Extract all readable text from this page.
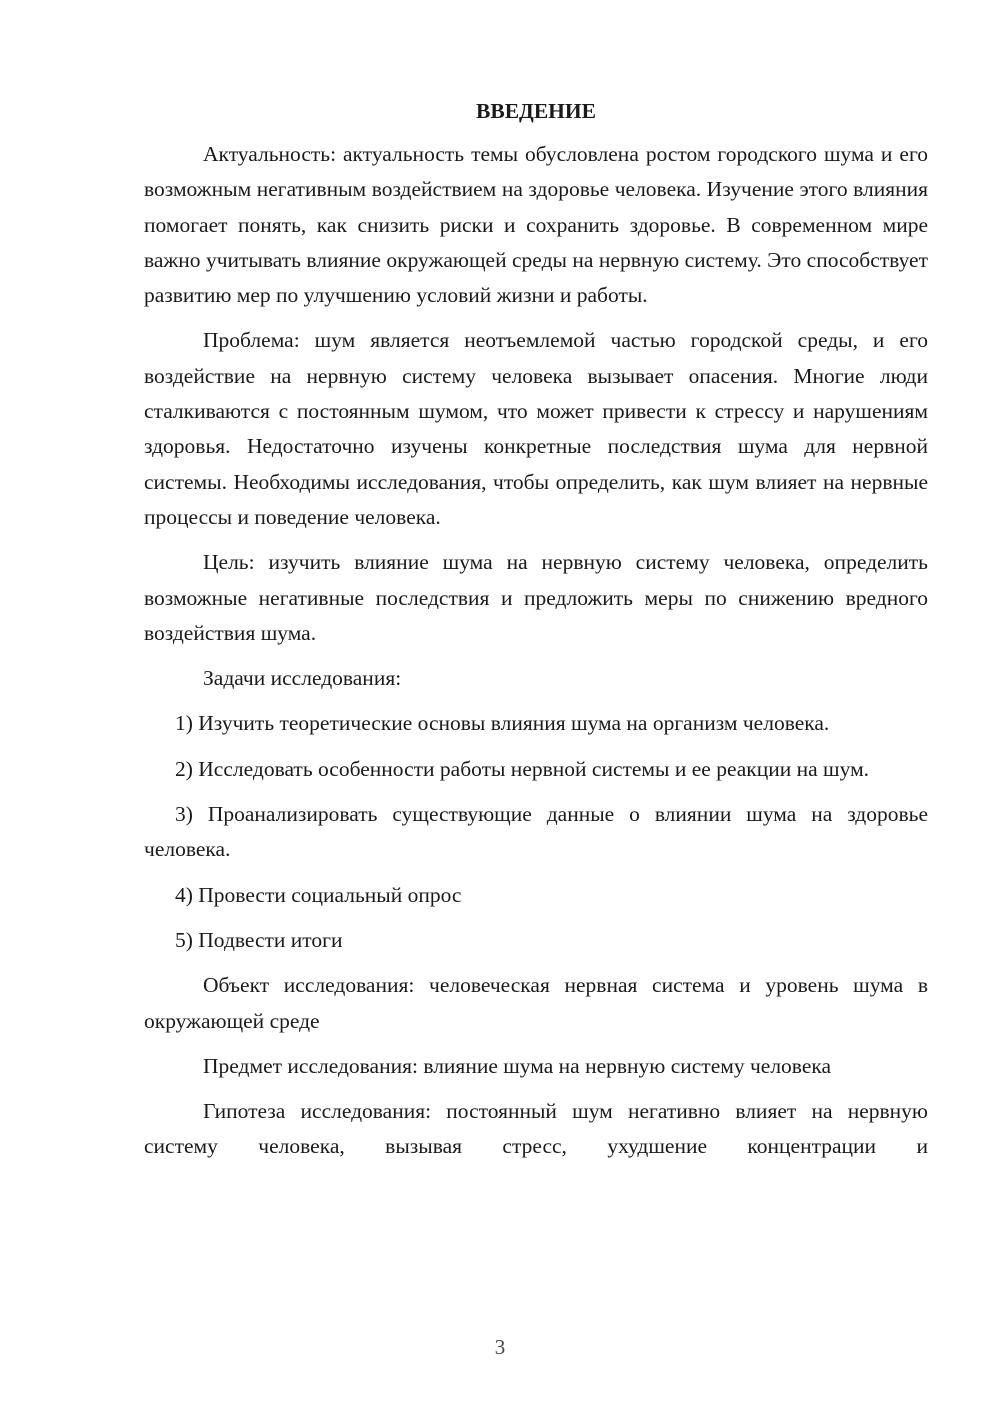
ВВЕДЕНИЕ

Актуальность: актуальность темы обусловлена ростом городского шума и его возможным негативным воздействием на здоровье человека. Изучение этого влияния помогает понять, как снизить риски и сохранить здоровье. В современном мире важно учитывать влияние окружающей среды на нервную систему. Это способствует развитию мер по улучшению условий жизни и работы.

Проблема: шум является неотъемлемой частью городской среды, и его воздействие на нервную систему человека вызывает опасения. Многие люди сталкиваются с постоянным шумом, что может привести к стрессу и нарушениям здоровья. Недостаточно изучены конкретные последствия шума для нервной системы. Необходимы исследования, чтобы определить, как шум влияет на нервные процессы и поведение человека.

Цель: изучить влияние шума на нервную систему человека, определить возможные негативные последствия и предложить меры по снижению вредного воздействия шума.

Задачи исследования:

1) Изучить теоретические основы влияния шума на организм человека.

2) Исследовать особенности работы нервной системы и ее реакции на шум.

3) Проанализировать существующие данные о влиянии шума на здоровье человека.

4) Провести социальный опрос

5) Подвести итоги

Объект исследования: человеческая нервная система и уровень шума в окружающей среде

Предмет исследования: влияние шума на нервную систему человека

Гипотеза исследования: постоянный шум негативно влияет на нервную систему человека, вызывая стресс, ухудшение концентрации и

3
